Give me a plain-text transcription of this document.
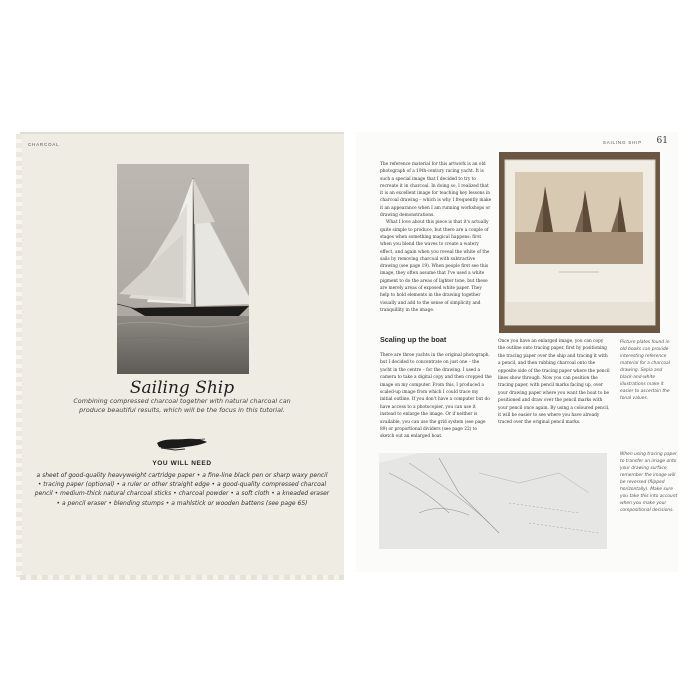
CHARCOAL
Sailing Ship
Combining compressed charcoal together with natural charcoal can produce beautiful results, which will be the focus in this tutorial.
YOU WILL NEED
a sheet of good-quality heavyweight cartridge paper • a fine-line black pen or sharp waxy pencil • tracing paper (optional) • a ruler or other straight edge • a good-quality compressed charcoal pencil • medium-thick natural charcoal sticks • charcoal powder • a soft cloth • a kneaded eraser • a pencil eraser • blending stumps • a mahlstick or wooden battens (see page 65)
SAILING SHIP 61

The reference material for this artwork is an old photograph of a 19th-century racing yacht. It is such a special image that I decided to try to recreate it in charcoal. In doing so, I realized that it is an excellent image for teaching key lessons in charcoal drawing – which is why I frequently make it an appearance when I am running workshops or drawing demonstrations.

What I love about this piece is that it's actually quite simple to produce, but there are a couple of stages when something magical happens: first when you blend the waves to create a watery effect, and again when you reveal the white of the sails by removing charcoal with subtractive drawing (see page 19). When people first see this image, they often assume that I've used a white pigment to do the areas of lighter tone, but these are merely areas of exposed white paper. They help to hold elements in the drawing together visually and add to the sense of simplicity and tranquillity in the image.

Scaling up the boat
There are three yachts in the original photograph, but I decided to concentrate on just one – the yacht in the centre – for the drawing. I used a camera to take a digital copy and then cropped the image on my computer. From this, I produced a scaled-up image from which I could trace my initial outline. If you don't have a computer but do have access to a photocopier, you can use it instead to enlarge the image. Or if neither is available, you can use the grid system (see page 89) or proportional dividers (see page 22) to sketch out an enlarged boat.
Once you have an enlarged image, you can copy the outline onto tracing paper, first by positioning the tracing paper over the ship and tracing it with a pencil, and then rubbing charcoal onto the opposite side of the tracing paper where the pencil lines show through. Now you can position the tracing paper, with pencil marks facing up, over your drawing paper where you want the boat to be positioned and draw over the pencil marks with your pencil once again. By using a coloured pencil, it will be easier to see where you have already traced over the original pencil marks.
Picture plates found in old books can provide interesting reference material for a charcoal drawing. Sepia and black-and-white illustrations make it easier to ascertain the tonal values.
When using tracing paper to transfer an image onto your drawing surface, remember the image will be reversed (flipped horizontally). Make sure you take this into account when you make your compositional decisions.
